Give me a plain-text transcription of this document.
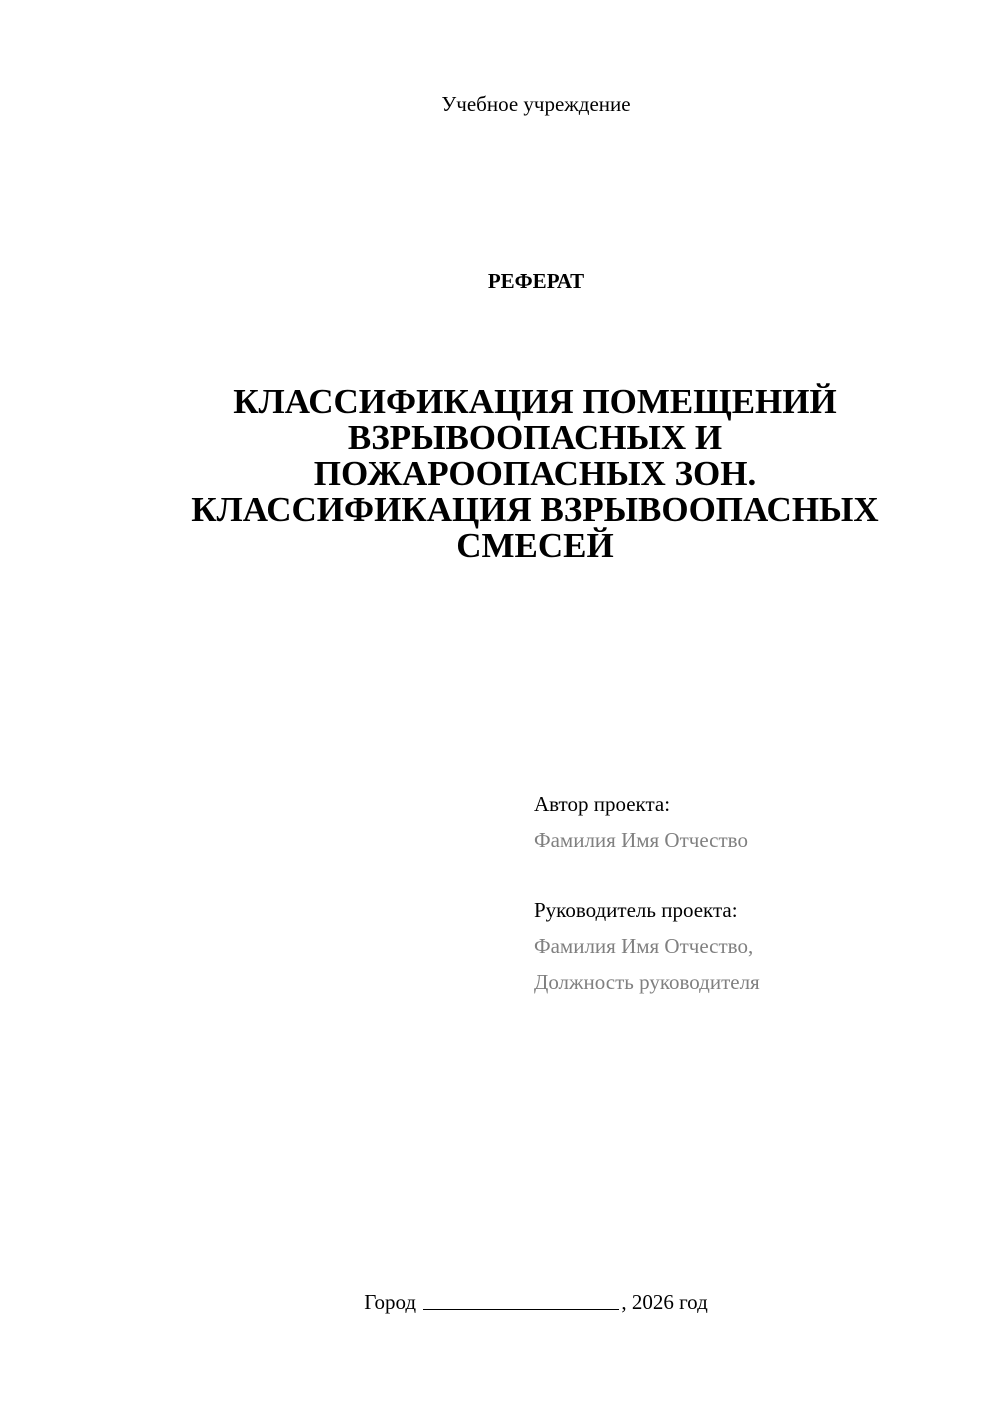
Учебное учреждение
РЕФЕРАТ
КЛАССИФИКАЦИЯ ПОМЕЩЕНИЙ
ВЗРЫВООПАСНЫХ И
ПОЖАРООПАСНЫХ ЗОН.
КЛАССИФИКАЦИЯ ВЗРЫВООПАСНЫХ
СМЕСЕЙ
Автор проекта:
Фамилия Имя Отчество
Руководитель проекта:
Фамилия Имя Отчество,
Должность руководителя
Город	, 2026 год
